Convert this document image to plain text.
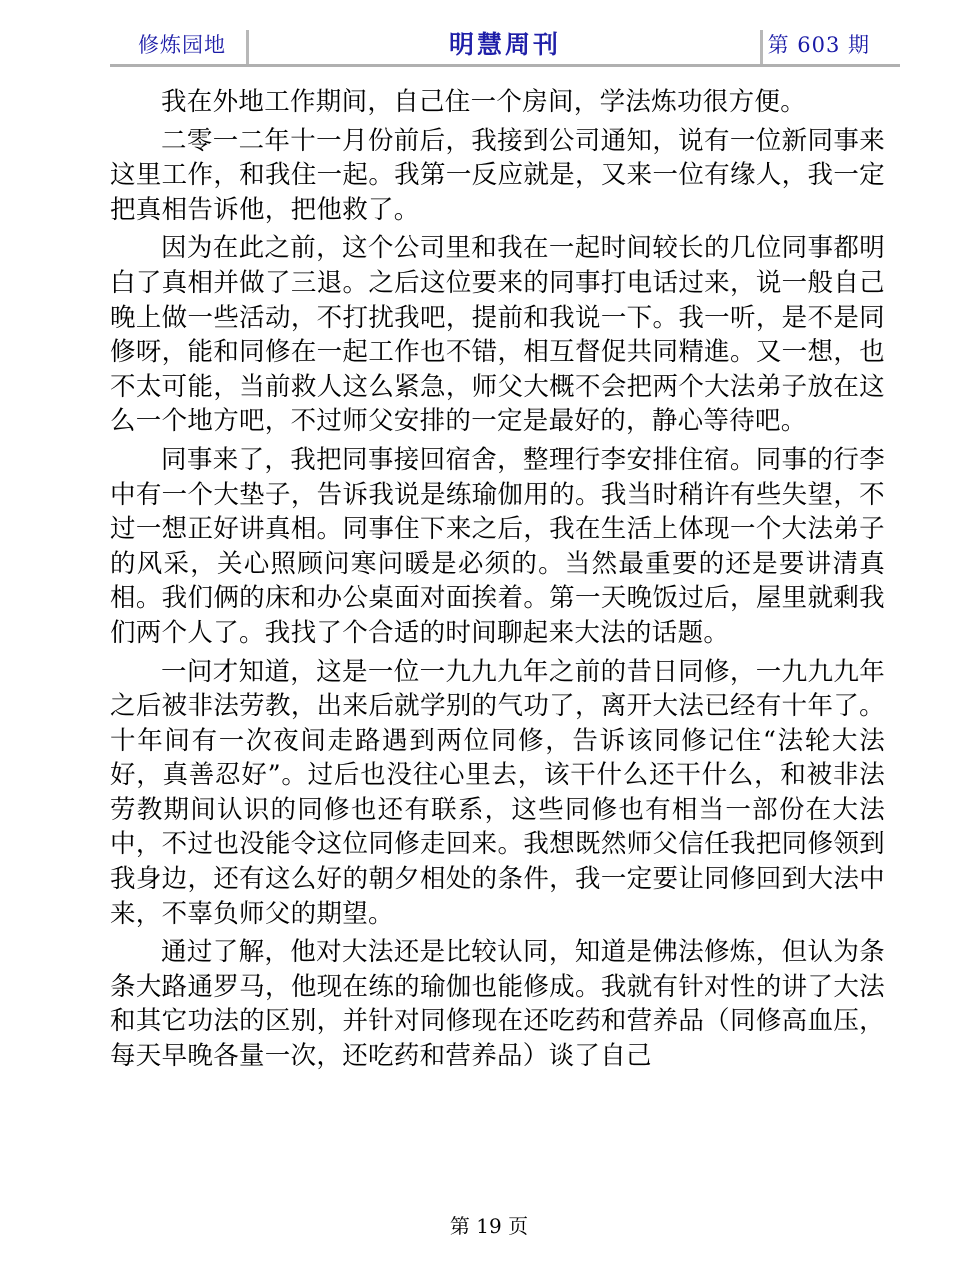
修炼园地	明慧周刊	第 603 期

我在外地工作期间，自己住一个房间，学法炼功很方便。

二零一二年十一月份前后，我接到公司通知，说有一位新同事来这里工作，和我住一起。我第一反应就是，又来一位有缘人，我一定把真相告诉他，把他救了。

因为在此之前，这个公司里和我在一起时间较长的几位同事都明白了真相并做了三退。之后这位要来的同事打电话过来，说一般自己晚上做一些活动，不打扰我吧，提前和我说一下。我一听，是不是同修呀，能和同修在一起工作也不错，相互督促共同精進。又一想，也不太可能，当前救人这么紧急，师父大概不会把两个大法弟子放在这么一个地方吧，不过师父安排的一定是最好的，静心等待吧。

同事来了，我把同事接回宿舍，整理行李安排住宿。同事的行李中有一个大垫子，告诉我说是练瑜伽用的。我当时稍许有些失望，不过一想正好讲真相。同事住下来之后，我在生活上体现一个大法弟子的风采，关心照顾问寒问暖是必须的。当然最重要的还是要讲清真相。我们俩的床和办公桌面对面挨着。第一天晚饭过后，屋里就剩我们两个人了。我找了个合适的时间聊起来大法的话题。

一问才知道，这是一位一九九九年之前的昔日同修，一九九九年之后被非法劳教，出来后就学别的气功了，离开大法已经有十年了。十年间有一次夜间走路遇到两位同修，告诉该同修记住“法轮大法好，真善忍好”。过后也没往心里去，该干什么还干什么，和被非法劳教期间认识的同修也还有联系，这些同修也有相当一部份在大法中，不过也没能令这位同修走回来。我想既然师父信任我把同修领到我身边，还有这么好的朝夕相处的条件，我一定要让同修回到大法中来，不辜负师父的期望。

通过了解，他对大法还是比较认同，知道是佛法修炼，但认为条条大路通罗马，他现在练的瑜伽也能修成。我就有针对性的讲了大法和其它功法的区别，并针对同修现在还吃药和营养品（同修高血压，每天早晚各量一次，还吃药和营养品）谈了自己

第 19 页
